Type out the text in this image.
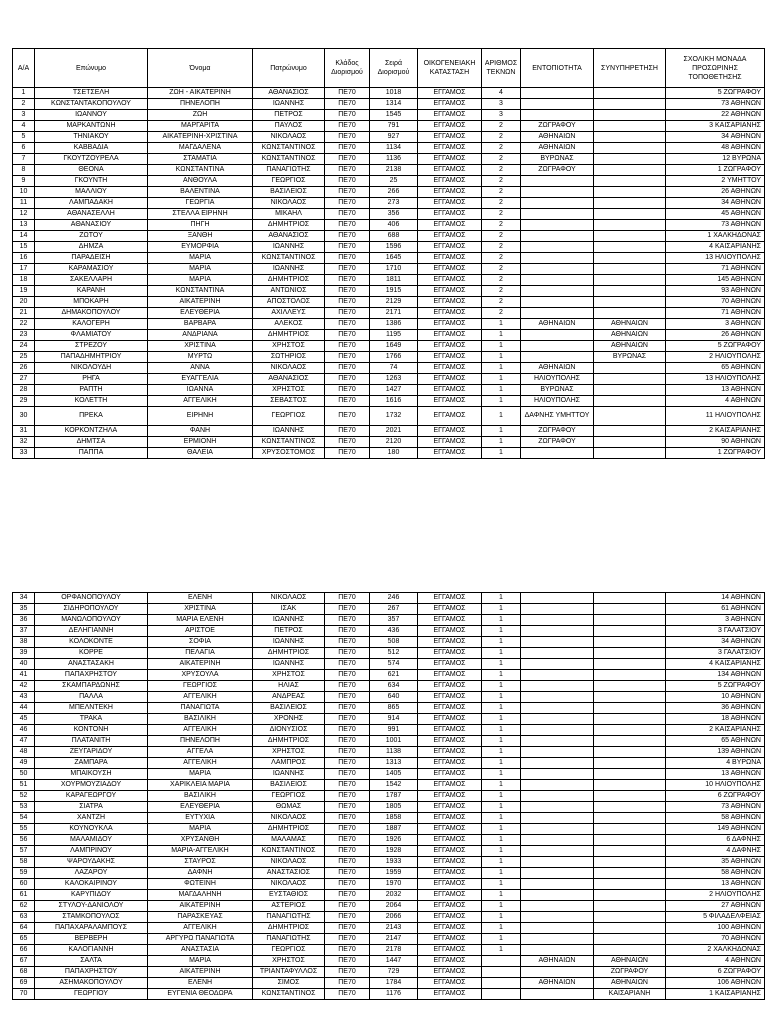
Α/Α	Επώνυμο	Όνομα	Πατρώνυμο	Κλάδος Διορισμού	Σειρά Διορισμού	ΟΙΚΟΓΕΝΕΙΑΚΗ ΚΑΤΑΣΤΑΣΗ	ΑΡΙΘΜΟΣ ΤΕΚΝΩΝ	ΕΝΤΟΠΙΟΤΗΤΑ	ΣΥΝΥΠΗΡΕΤΗΣΗ	ΣΧΟΛΙΚΗ ΜΟΝΑΔΑ ΠΡΟΣΩΡΙΝΗΣ ΤΟΠΟΘΕΤΗΣΗΣ
1	ΤΣΕΤΣΕΛΗ	ΖΩΗ - ΑΙΚΑΤΕΡΙΝΗ	ΑΘΑΝΑΣΙΟΣ	ΠΕ70	1018	ΕΓΓΑΜΟΣ	4			5 ΖΩΓΡΑΦΟΥ
2	ΚΩΝΣΤΑΝΤΑΚΟΠΟΥΛΟΥ	ΠΗΝΕΛΟΠΗ	ΙΩΑΝΝΗΣ	ΠΕ70	1314	ΕΓΓΑΜΟΣ	3			73 ΑΘΗΝΩΝ
3	ΙΩΑΝΝΟΥ	ΖΩΗ	ΠΕΤΡΟΣ	ΠΕ70	1545	ΕΓΓΑΜΟΣ	3			22 ΑΘΗΝΩΝ
4	ΜΑΡΚΑΝΤΩΝΗ	ΜΑΡΓΑΡΙΤΑ	ΠΑΥΛΟΣ	ΠΕ70	791	ΕΓΓΑΜΟΣ	2	ΖΩΓΡΑΦΟΥ		3 ΚΑΙΣΑΡΙΑΝΗΣ
5	ΤΗΝΙΑΚΟΥ	ΑΙΚΑΤΕΡΙΝΗ-ΧΡΙΣΤΙΝΑ	ΝΙΚΟΛΑΟΣ	ΠΕ70	927	ΕΓΓΑΜΟΣ	2	ΑΘΗΝΑΙΩΝ		34 ΑΘΗΝΩΝ
6	ΚΑΒΒΑΔΙΑ	ΜΑΓΔΑΛΕΝΑ	ΚΩΝΣΤΑΝΤΙΝΟΣ	ΠΕ70	1134	ΕΓΓΑΜΟΣ	2	ΑΘΗΝΑΙΩΝ		48 ΑΘΗΝΩΝ
7	ΓΚΟΥΤΖΟΥΡΕΛΑ	ΣΤΑΜΑΤΙΑ	ΚΩΝΣΤΑΝΤΙΝΟΣ	ΠΕ70	1136	ΕΓΓΑΜΟΣ	2	ΒΥΡΩΝΑΣ		12 ΒΥΡΩΝΑ
8	ΘΕΟΝΑ	ΚΩΝΣΤΑΝΤΙΝΑ	ΠΑΝΑΓΙΩΤΗΣ	ΠΕ70	2138	ΕΓΓΑΜΟΣ	2	ΖΩΓΡΑΦΟΥ		1 ΖΩΓΡΑΦΟΥ
9	ΓΚΟΥΝΤΗ	ΑΝΘΟΥΛΑ	ΓΕΩΡΓΙΟΣ	ΠΕ70	25	ΕΓΓΑΜΟΣ	2			2 ΥΜΗΤΤΟΥ
10	ΜΑΛΛΙΟΥ	ΒΑΛΕΝΤΙΝΑ	ΒΑΣΙΛΕΙΟΣ	ΠΕ70	266	ΕΓΓΑΜΟΣ	2			26 ΑΘΗΝΩΝ
11	ΛΑΜΠΑΔΑΚΗ	ΓΕΩΡΓΙΑ	ΝΙΚΟΛΑΟΣ	ΠΕ70	273	ΕΓΓΑΜΟΣ	2			34 ΑΘΗΝΩΝ
12	ΑΘΑΝΑΣΕΛΛΗ	ΣΤΕΛΛΑ ΕΙΡΗΝΗ	ΜΙΚΑΗΛ	ΠΕ70	356	ΕΓΓΑΜΟΣ	2			45 ΑΘΗΝΩΝ
13	ΑΘΑΝΑΣΙΟΥ	ΠΗΓΗ	ΔΗΜΗΤΡΙΟΣ	ΠΕ70	406	ΕΓΓΑΜΟΣ	2			73 ΑΘΗΝΩΝ
14	ΖΩΤΟΥ	ΞΑΝΘΗ	ΑΘΑΝΑΣΙΟΣ	ΠΕ70	688	ΕΓΓΑΜΟΣ	2			1 ΧΑΛΚΗΔΟΝΑΣ
15	ΔΗΜΖΑ	ΕΥΜΟΡΦΙΑ	ΙΩΑΝΝΗΣ	ΠΕ70	1596	ΕΓΓΑΜΟΣ	2			4 ΚΑΙΣΑΡΙΑΝΗΣ
16	ΠΑΡΑΔΕΙΣΗ	ΜΑΡΙΑ	ΚΩΝΣΤΑΝΤΙΝΟΣ	ΠΕ70	1645	ΕΓΓΑΜΟΣ	2			13 ΗΛΙΟΥΠΟΛΗΣ
17	ΚΑΡΑΜΑΣΙΟΥ	ΜΑΡΙΑ	ΙΩΑΝΝΗΣ	ΠΕ70	1710	ΕΓΓΑΜΟΣ	2			71 ΑΘΗΝΩΝ
18	ΣΑΚΕΛΛΑΡΗ	ΜΑΡΙΑ	ΔΗΜΗΤΡΙΟΣ	ΠΕ70	1811	ΕΓΓΑΜΟΣ	2			145 ΑΘΗΝΩΝ
19	ΚΑΡΑΝΗ	ΚΩΝΣΤΑΝΤΙΝΑ	ΑΝΤΩΝΙΟΣ	ΠΕ70	1915	ΕΓΓΑΜΟΣ	2			93 ΑΘΗΝΩΝ
20	ΜΠΟΚΑΡΗ	ΑΙΚΑΤΕΡΙΝΗ	ΑΠΟΣΤΟΛΟΣ	ΠΕ70	2129	ΕΓΓΑΜΟΣ	2			70 ΑΘΗΝΩΝ
21	ΔΗΜΑΚΟΠΟΥΛΟΥ	ΕΛΕΥΘΕΡΙΑ	ΑΧΙΛΛΕΥΣ	ΠΕ70	2171	ΕΓΓΑΜΟΣ	2			71 ΑΘΗΝΩΝ
22	ΚΑΛΟΓΕΡΗ	ΒΑΡΒΑΡΑ	ΑΛΕΚΟΣ	ΠΕ70	1386	ΕΓΓΑΜΟΣ	1	ΑΘΗΝΑΙΩΝ	ΑΘΗΝΑΙΩΝ	3 ΑΘΗΝΩΝ
23	ΦΛΑΜΙΑΤΟΥ	ΑΝΔΡΙΑΝΑ	ΔΗΜΗΤΡΙΟΣ	ΠΕ70	1195	ΕΓΓΑΜΟΣ	1		ΑΘΗΝΑΙΩΝ	26 ΑΘΗΝΩΝ
24	ΣΤΡΕΖΟΥ	ΧΡΙΣΤΙΝΑ	ΧΡΗΣΤΟΣ	ΠΕ70	1649	ΕΓΓΑΜΟΣ	1		ΑΘΗΝΑΙΩΝ	5 ΖΩΓΡΑΦΟΥ
25	ΠΑΠΑΔΗΜΗΤΡΙΟΥ	ΜΥΡΤΩ	ΣΩΤΗΡΙΟΣ	ΠΕ70	1766	ΕΓΓΑΜΟΣ	1		ΒΥΡΩΝΑΣ	2 ΗΛΙΟΥΠΟΛΗΣ
26	ΝΙΚΟΛΟΥΔΗ	ΑΝΝΑ	ΝΙΚΟΛΑΟΣ	ΠΕ70	74	ΕΓΓΑΜΟΣ	1	ΑΘΗΝΑΙΩΝ		65 ΑΘΗΝΩΝ
27	ΡΗΓΑ	ΕΥΑΓΓΕΛΙΑ	ΑΘΑΝΑΣΙΟΣ	ΠΕ70	1263	ΕΓΓΑΜΟΣ	1	ΗΛΙΟΥΠΟΛΗΣ		13 ΗΛΙΟΥΠΟΛΗΣ
28	ΡΑΠΤΗ	ΙΩΑΝΝΑ	ΧΡΗΣΤΟΣ	ΠΕ70	1427	ΕΓΓΑΜΟΣ	1	ΒΥΡΩΝΑΣ		13 ΑΘΗΝΩΝ
29	ΚΟΛΕΤΤΗ	ΑΓΓΕΛΙΚΗ	ΣΕΒΑΣΤΟΣ	ΠΕ70	1616	ΕΓΓΑΜΟΣ	1	ΗΛΙΟΥΠΟΛΗΣ		4 ΑΘΗΝΩΝ
30	ΠΡΕΚΑ	ΕΙΡΗΝΗ	ΓΕΩΡΓΙΟΣ	ΠΕ70	1732	ΕΓΓΑΜΟΣ	1	ΔΑΦΝΗΣ ΥΜΗΤΤΟΥ		11 ΗΛΙΟΥΠΟΛΗΣ
31	ΚΟΡΚΟΝΤΖΗΛΑ	ΦΑΝΗ	ΙΩΑΝΝΗΣ	ΠΕ70	2021	ΕΓΓΑΜΟΣ	1	ΖΩΓΡΑΦΟΥ		2 ΚΑΙΣΑΡΙΑΝΗΣ
32	ΔΗΜΤΣΑ	ΕΡΜΙΟΝΗ	ΚΩΝΣΤΑΝΤΙΝΟΣ	ΠΕ70	2120	ΕΓΓΑΜΟΣ	1	ΖΩΓΡΑΦΟΥ		90 ΑΘΗΝΩΝ
33	ΠΑΠΠΑ	ΘΑΛΕΙΑ	ΧΡΥΣΟΣΤΟΜΟΣ	ΠΕ70	180	ΕΓΓΑΜΟΣ	1			1 ΖΩΓΡΑΦΟΥ
34	ΟΡΦΑΝΟΠΟΥΛΟΥ	ΕΛΕΝΗ	ΝΙΚΟΛΑΟΣ	ΠΕ70	246	ΕΓΓΑΜΟΣ	1			14 ΑΘΗΝΩΝ
35	ΣΙΔΗΡΟΠΟΥΛΟΥ	ΧΡΙΣΤΙΝΑ	ΙΣΑΚ	ΠΕ70	267	ΕΓΓΑΜΟΣ	1			61 ΑΘΗΝΩΝ
36	ΜΑΝΩΛΟΠΟΥΛΟΥ	ΜΑΡΙΑ ΕΛΕΝΗ	ΙΩΑΝΝΗΣ	ΠΕ70	357	ΕΓΓΑΜΟΣ	1			3 ΑΘΗΝΩΝ
37	ΔΕΛΗΓΙΑΝΝΗ	ΑΡΙΣΤΟΕ	ΠΕΤΡΟΣ	ΠΕ70	436	ΕΓΓΑΜΟΣ	1			3 ΓΑΛΑΤΣΙΟΥ
38	ΚΟΛΟΚΟΝΤΕ	ΣΟΦΙΑ	ΙΩΑΝΝΗΣ	ΠΕ70	508	ΕΓΓΑΜΟΣ	1			34 ΑΘΗΝΩΝ
39	ΚΟΡΡΕ	ΠΕΛΑΓΙΑ	ΔΗΜΗΤΡΙΟΣ	ΠΕ70	512	ΕΓΓΑΜΟΣ	1			3 ΓΑΛΑΤΣΙΟΥ
40	ΑΝΑΣΤΑΣΑΚΗ	ΑΙΚΑΤΕΡΙΝΗ	ΙΩΑΝΝΗΣ	ΠΕ70	574	ΕΓΓΑΜΟΣ	1			4 ΚΑΙΣΑΡΙΑΝΗΣ
41	ΠΑΠΑΧΡΗΣΤΟΥ	ΧΡΥΣΟΥΛΑ	ΧΡΗΣΤΟΣ	ΠΕ70	621	ΕΓΓΑΜΟΣ	1			134 ΑΘΗΝΩΝ
42	ΣΚΑΜΠΑΡΔΩΝΗΣ	ΓΕΩΡΓΙΟΣ	ΗΛΙΑΣ	ΠΕ70	634	ΕΓΓΑΜΟΣ	1			5 ΖΩΓΡΑΦΟΥ
43	ΠΑΛΛΑ	ΑΓΓΕΛΙΚΗ	ΑΝΔΡΕΑΣ	ΠΕ70	640	ΕΓΓΑΜΟΣ	1			10 ΑΘΗΝΩΝ
44	ΜΠΕΛΝΤΕΚΗ	ΠΑΝΑΓΙΩΤΑ	ΒΑΣΙΛΕΙΟΣ	ΠΕ70	865	ΕΓΓΑΜΟΣ	1			36 ΑΘΗΝΩΝ
45	ΤΡΑΚΑ	ΒΑΣΙΛΙΚΗ	ΧΡΟΝΗΣ	ΠΕ70	914	ΕΓΓΑΜΟΣ	1			18 ΑΘΗΝΩΝ
46	ΚΟΝΤΟΝΗ	ΑΓΓΕΛΙΚΗ	ΔΙΟΝΥΣΙΟΣ	ΠΕ70	991	ΕΓΓΑΜΟΣ	1			2 ΚΑΙΣΑΡΙΑΝΗΣ
47	ΠΛΑΤΑΝΙΤΗ	ΠΗΝΕΛΟΠΗ	ΔΗΜΗΤΡΙΟΣ	ΠΕ70	1001	ΕΓΓΑΜΟΣ	1			65 ΑΘΗΝΩΝ
48	ΖΕΥΓΑΡΙΔΟΥ	ΑΓΓΕΛΑ	ΧΡΗΣΤΟΣ	ΠΕ70	1138	ΕΓΓΑΜΟΣ	1			139 ΑΘΗΝΩΝ
49	ΖΑΜΠΑΡΑ	ΑΓΓΕΛΙΚΗ	ΛΑΜΠΡΟΣ	ΠΕ70	1313	ΕΓΓΑΜΟΣ	1			4 ΒΥΡΩΝΑ
50	ΜΠΑΙΚΟΥΣΗ	ΜΑΡΙΑ	ΙΩΑΝΝΗΣ	ΠΕ70	1405	ΕΓΓΑΜΟΣ	1			13 ΑΘΗΝΩΝ
51	ΧΟΥΡΜΟΥΖΙΑΔΟΥ	ΧΑΡΙΚΛΕΙΑ ΜΑΡΙΑ	ΒΑΣΙΛΕΙΟΣ	ΠΕ70	1542	ΕΓΓΑΜΟΣ	1			10 ΗΛΙΟΥΠΟΛΗΣ
52	ΚΑΡΑΓΕΩΡΓΟΥ	ΒΑΣΙΛΙΚΗ	ΓΕΩΡΓΙΟΣ	ΠΕ70	1787	ΕΓΓΑΜΟΣ	1			6 ΖΩΓΡΑΦΟΥ
53	ΣΙΑΤΡΑ	ΕΛΕΥΘΕΡΙΑ	ΘΩΜΑΣ	ΠΕ70	1805	ΕΓΓΑΜΟΣ	1			73 ΑΘΗΝΩΝ
54	ΧΑΝΤΖΗ	ΕΥΤΥΧΙΑ	ΝΙΚΟΛΑΟΣ	ΠΕ70	1858	ΕΓΓΑΜΟΣ	1			58 ΑΘΗΝΩΝ
55	ΚΟΥΝΟΥΚΛΑ	ΜΑΡΙΑ	ΔΗΜΗΤΡΙΟΣ	ΠΕ70	1887	ΕΓΓΑΜΟΣ	1			149 ΑΘΗΝΩΝ
56	ΜΑΛΑΜΙΔΟΥ	ΧΡΥΣΑΝΘΗ	ΜΑΛΑΜΑΣ	ΠΕ70	1926	ΕΓΓΑΜΟΣ	1			6 ΔΑΦΝΗΣ
57	ΛΑΜΠΡΙΝΟΥ	ΜΑΡΙΑ-ΑΓΓΕΛΙΚΗ	ΚΩΝΣΤΑΝΤΙΝΟΣ	ΠΕ70	1928	ΕΓΓΑΜΟΣ	1			4 ΔΑΦΝΗΣ
58	ΨΑΡΟΥΔΑΚΗΣ	ΣΤΑΥΡΟΣ	ΝΙΚΟΛΑΟΣ	ΠΕ70	1933	ΕΓΓΑΜΟΣ	1			35 ΑΘΗΝΩΝ
59	ΛΑΖΑΡΟΥ	ΔΑΦΝΗ	ΑΝΑΣΤΑΣΙΟΣ	ΠΕ70	1959	ΕΓΓΑΜΟΣ	1			58 ΑΘΗΝΩΝ
60	ΚΑΛΟΚΑΙΡΙΝΟΥ	ΦΩΤΕΙΝΗ	ΝΙΚΟΛΑΟΣ	ΠΕ70	1970	ΕΓΓΑΜΟΣ	1			13 ΑΘΗΝΩΝ
61	ΚΑΡΥΠΙΔΟΥ	ΜΑΓΔΑΛΗΝΗ	ΕΥΣΤΑΘΙΟΣ	ΠΕ70	2032	ΕΓΓΑΜΟΣ	1			2 ΗΛΙΟΥΠΟΛΗΣ
62	ΣΤΥΛΟΥ-ΔΑΝΙΟΛΟΥ	ΑΙΚΑΤΕΡΙΝΗ	ΑΣΤΕΡΙΟΣ	ΠΕ70	2064	ΕΓΓΑΜΟΣ	1			27 ΑΘΗΝΩΝ
63	ΣΤΑΜΚΟΠΟΥΛΟΣ	ΠΑΡΑΣΚΕΥΑΣ	ΠΑΝΑΓΙΩΤΗΣ	ΠΕ70	2066	ΕΓΓΑΜΟΣ	1			5 ΦΙΛΑΔΕΛΦΕΙΑΣ
64	ΠΑΠΑΧΑΡΑΛΑΜΠΟΥΣ	ΑΓΓΕΛΙΚΗ	ΔΗΜΗΤΡΙΟΣ	ΠΕ70	2143	ΕΓΓΑΜΟΣ	1			100 ΑΘΗΝΩΝ
65	ΒΕΡΒΕΡΗ	ΑΡΓΥΡΩ ΠΑΝΑΓΙΩΤΑ	ΠΑΝΑΓΙΩΤΗΣ	ΠΕ70	2147	ΕΓΓΑΜΟΣ	1			70 ΑΘΗΝΩΝ
66	ΚΑΛΟΓΙΑΝΝΗ	ΑΝΑΣΤΑΣΙΑ	ΓΕΩΡΓΙΟΣ	ΠΕ70	2178	ΕΓΓΑΜΟΣ	1			2 ΧΑΛΚΗΔΟΝΑΣ
67	ΣΑΛΤΑ	ΜΑΡΙΑ	ΧΡΗΣΤΟΣ	ΠΕ70	1447	ΕΓΓΑΜΟΣ		ΑΘΗΝΑΙΩΝ	ΑΘΗΝΑΙΩΝ	4 ΑΘΗΝΩΝ
68	ΠΑΠΑΧΡΗΣΤΟΥ	ΑΙΚΑΤΕΡΙΝΗ	ΤΡΙΑΝΤΑΦΥΛΛΟΣ	ΠΕ70	729	ΕΓΓΑΜΟΣ			ΖΩΓΡΑΦΟΥ	6 ΖΩΓΡΑΦΟΥ
69	ΑΣΗΜΑΚΟΠΟΥΛΟΥ	ΕΛΕΝΗ	ΣΙΜΟΣ	ΠΕ70	1784	ΕΓΓΑΜΟΣ		ΑΘΗΝΑΙΩΝ	ΑΘΗΝΑΙΩΝ	106 ΑΘΗΝΩΝ
70	ΓΕΩΡΓΙΟΥ	ΕΥΓΕΝΙΑ ΘΕΟΔΩΡΑ	ΚΩΝΣΤΑΝΤΙΝΟΣ	ΠΕ70	1176	ΕΓΓΑΜΟΣ			ΚΑΙΣΑΡΙΑΝΗ	1 ΚΑΙΣΑΡΙΑΝΗΣ
